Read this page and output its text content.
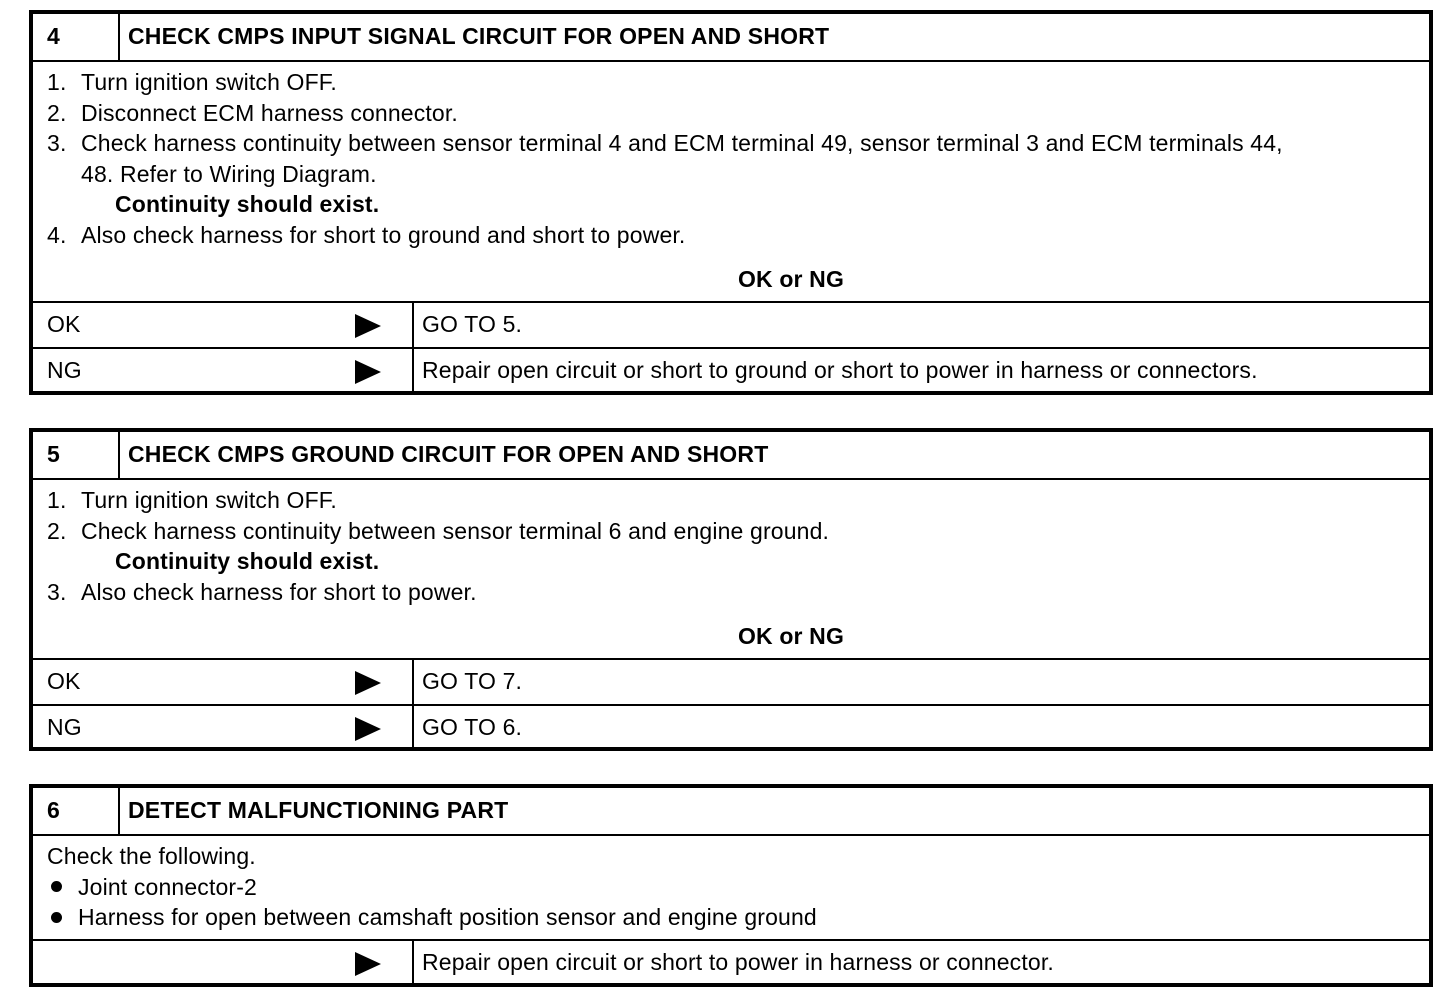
4	CHECK CMPS INPUT SIGNAL CIRCUIT FOR OPEN AND SHORT
1. Turn ignition switch OFF.
2. Disconnect ECM harness connector.
3. Check harness continuity between sensor terminal 4 and ECM terminal 49, sensor terminal 3 and ECM terminals 44,
48. Refer to Wiring Diagram.
Continuity should exist.
4. Also check harness for short to ground and short to power.
OK or NG
OK	GO TO 5.
NG	Repair open circuit or short to ground or short to power in harness or connectors.
5	CHECK CMPS GROUND CIRCUIT FOR OPEN AND SHORT
1. Turn ignition switch OFF.
2. Check harness continuity between sensor terminal 6 and engine ground.
Continuity should exist.
3. Also check harness for short to power.
OK or NG
OK	GO TO 7.
NG	GO TO 6.
6	DETECT MALFUNCTIONING PART
Check the following.
Joint connector-2
Harness for open between camshaft position sensor and engine ground
Repair open circuit or short to power in harness or connector.
